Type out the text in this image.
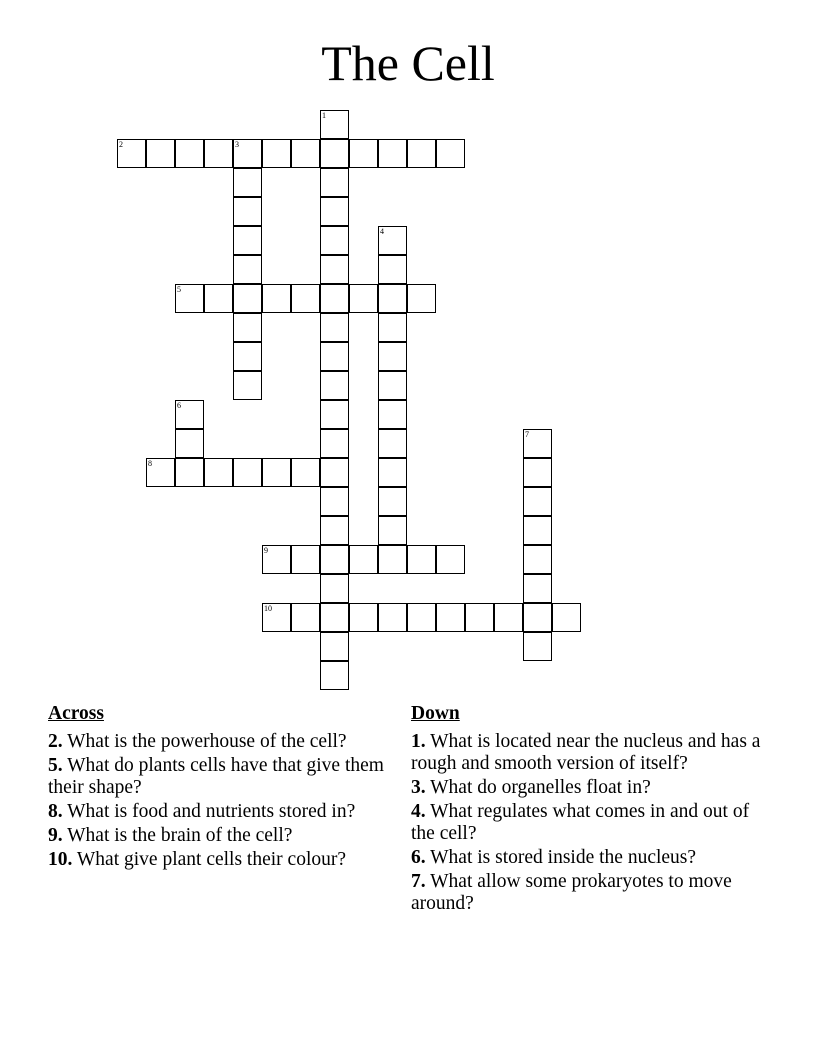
The Cell
1
2	3
4
5
6
7
8
9
10
Across
2. What is the powerhouse of the cell?
5. What do plants cells have that give them their shape?
8. What is food and nutrients stored in?
9. What is the brain of the cell?
10. What give plant cells their colour?
Down
1. What is located near the nucleus and has a rough and smooth version of itself?
3. What do organelles float in?
4. What regulates what comes in and out of the cell?
6. What is stored inside the nucleus?
7. What allow some prokaryotes to move around?
